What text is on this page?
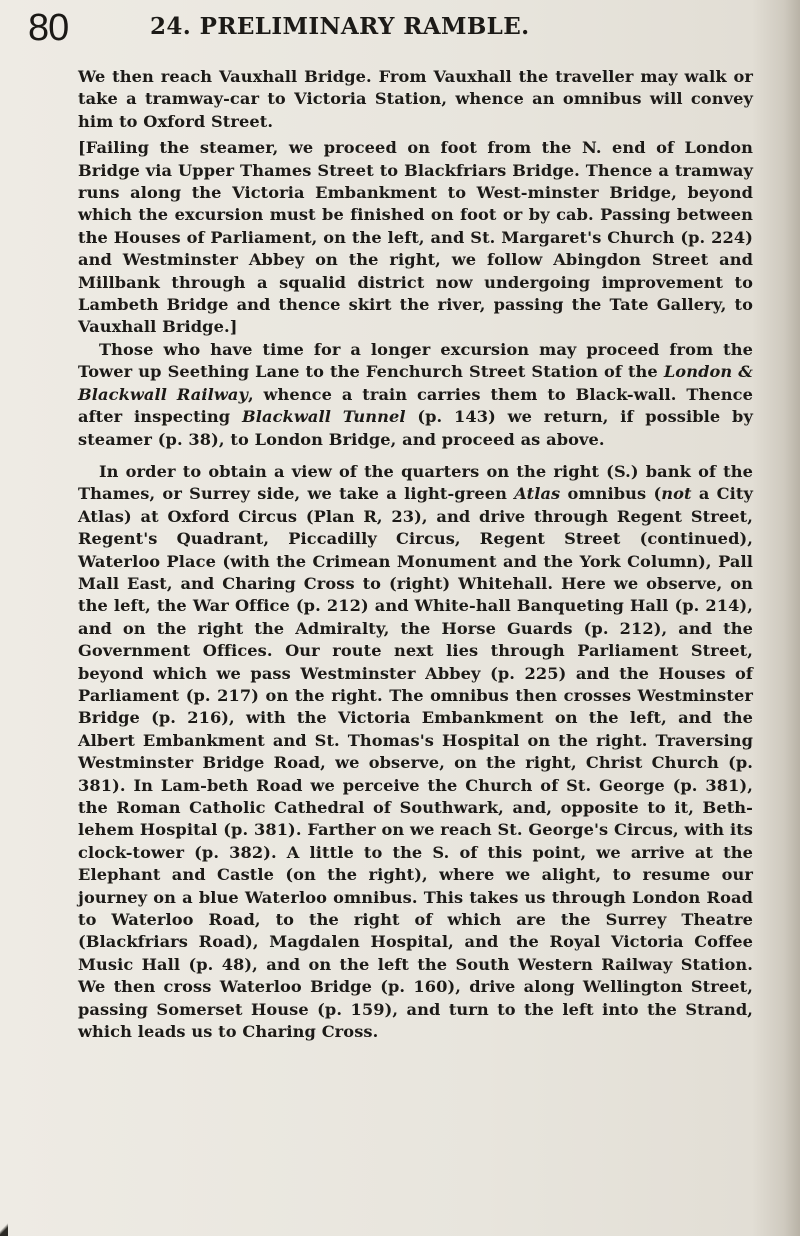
80	24. PRELIMINARY RAMBLE.

We then reach Vauxhall Bridge. From Vauxhall the traveller may walk or take a tramway-car to Victoria Station, whence an omnibus will convey him to Oxford Street.

[Failing the steamer, we proceed on foot from the N. end of London Bridge via Upper Thames Street to Blackfriars Bridge. Thence a tramway runs along the Victoria Embankment to West-minster Bridge, beyond which the excursion must be finished on foot or by cab. Passing between the Houses of Parliament, on the left, and St. Margaret's Church (p. 224) and Westminster Abbey on the right, we follow Abingdon Street and Millbank through a squalid district now undergoing improvement to Lambeth Bridge and thence skirt the river, passing the Tate Gallery, to Vauxhall Bridge.]

Those who have time for a longer excursion may proceed from the Tower up Seething Lane to the Fenchurch Street Station of the London & Blackwall Railway, whence a train carries them to Black-wall. Thence after inspecting Blackwall Tunnel (p. 143) we return, if possible by steamer (p. 38), to London Bridge, and proceed as above.

In order to obtain a view of the quarters on the right (S.) bank of the Thames, or Surrey side, we take a light-green Atlas omnibus (not a City Atlas) at Oxford Circus (Plan R, 23), and drive through Regent Street, Regent's Quadrant, Piccadilly Circus, Regent Street (continued), Waterloo Place (with the Crimean Monument and the York Column), Pall Mall East, and Charing Cross to (right) Whitehall. Here we observe, on the left, the War Office (p. 212) and White-hall Banqueting Hall (p. 214), and on the right the Admiralty, the Horse Guards (p. 212), and the Government Offices. Our route next lies through Parliament Street, beyond which we pass Westminster Abbey (p. 225) and the Houses of Parliament (p. 217) on the right. The omnibus then crosses Westminster Bridge (p. 216), with the Victoria Embankment on the left, and the Albert Embankment and St. Thomas's Hospital on the right. Traversing Westminster Bridge Road, we observe, on the right, Christ Church (p. 381). In Lam-beth Road we perceive the Church of St. George (p. 381), the Roman Catholic Cathedral of Southwark, and, opposite to it, Beth-lehem Hospital (p. 381). Farther on we reach St. George's Circus, with its clock-tower (p. 382). A little to the S. of this point, we arrive at the Elephant and Castle (on the right), where we alight, to resume our journey on a blue Waterloo omnibus. This takes us through London Road to Waterloo Road, to the right of which are the Surrey Theatre (Blackfriars Road), Magdalen Hospital, and the Royal Victoria Coffee Music Hall (p. 48), and on the left the South Western Railway Station. We then cross Waterloo Bridge (p. 160), drive along Wellington Street, passing Somerset House (p. 159), and turn to the left into the Strand, which leads us to Charing Cross.
